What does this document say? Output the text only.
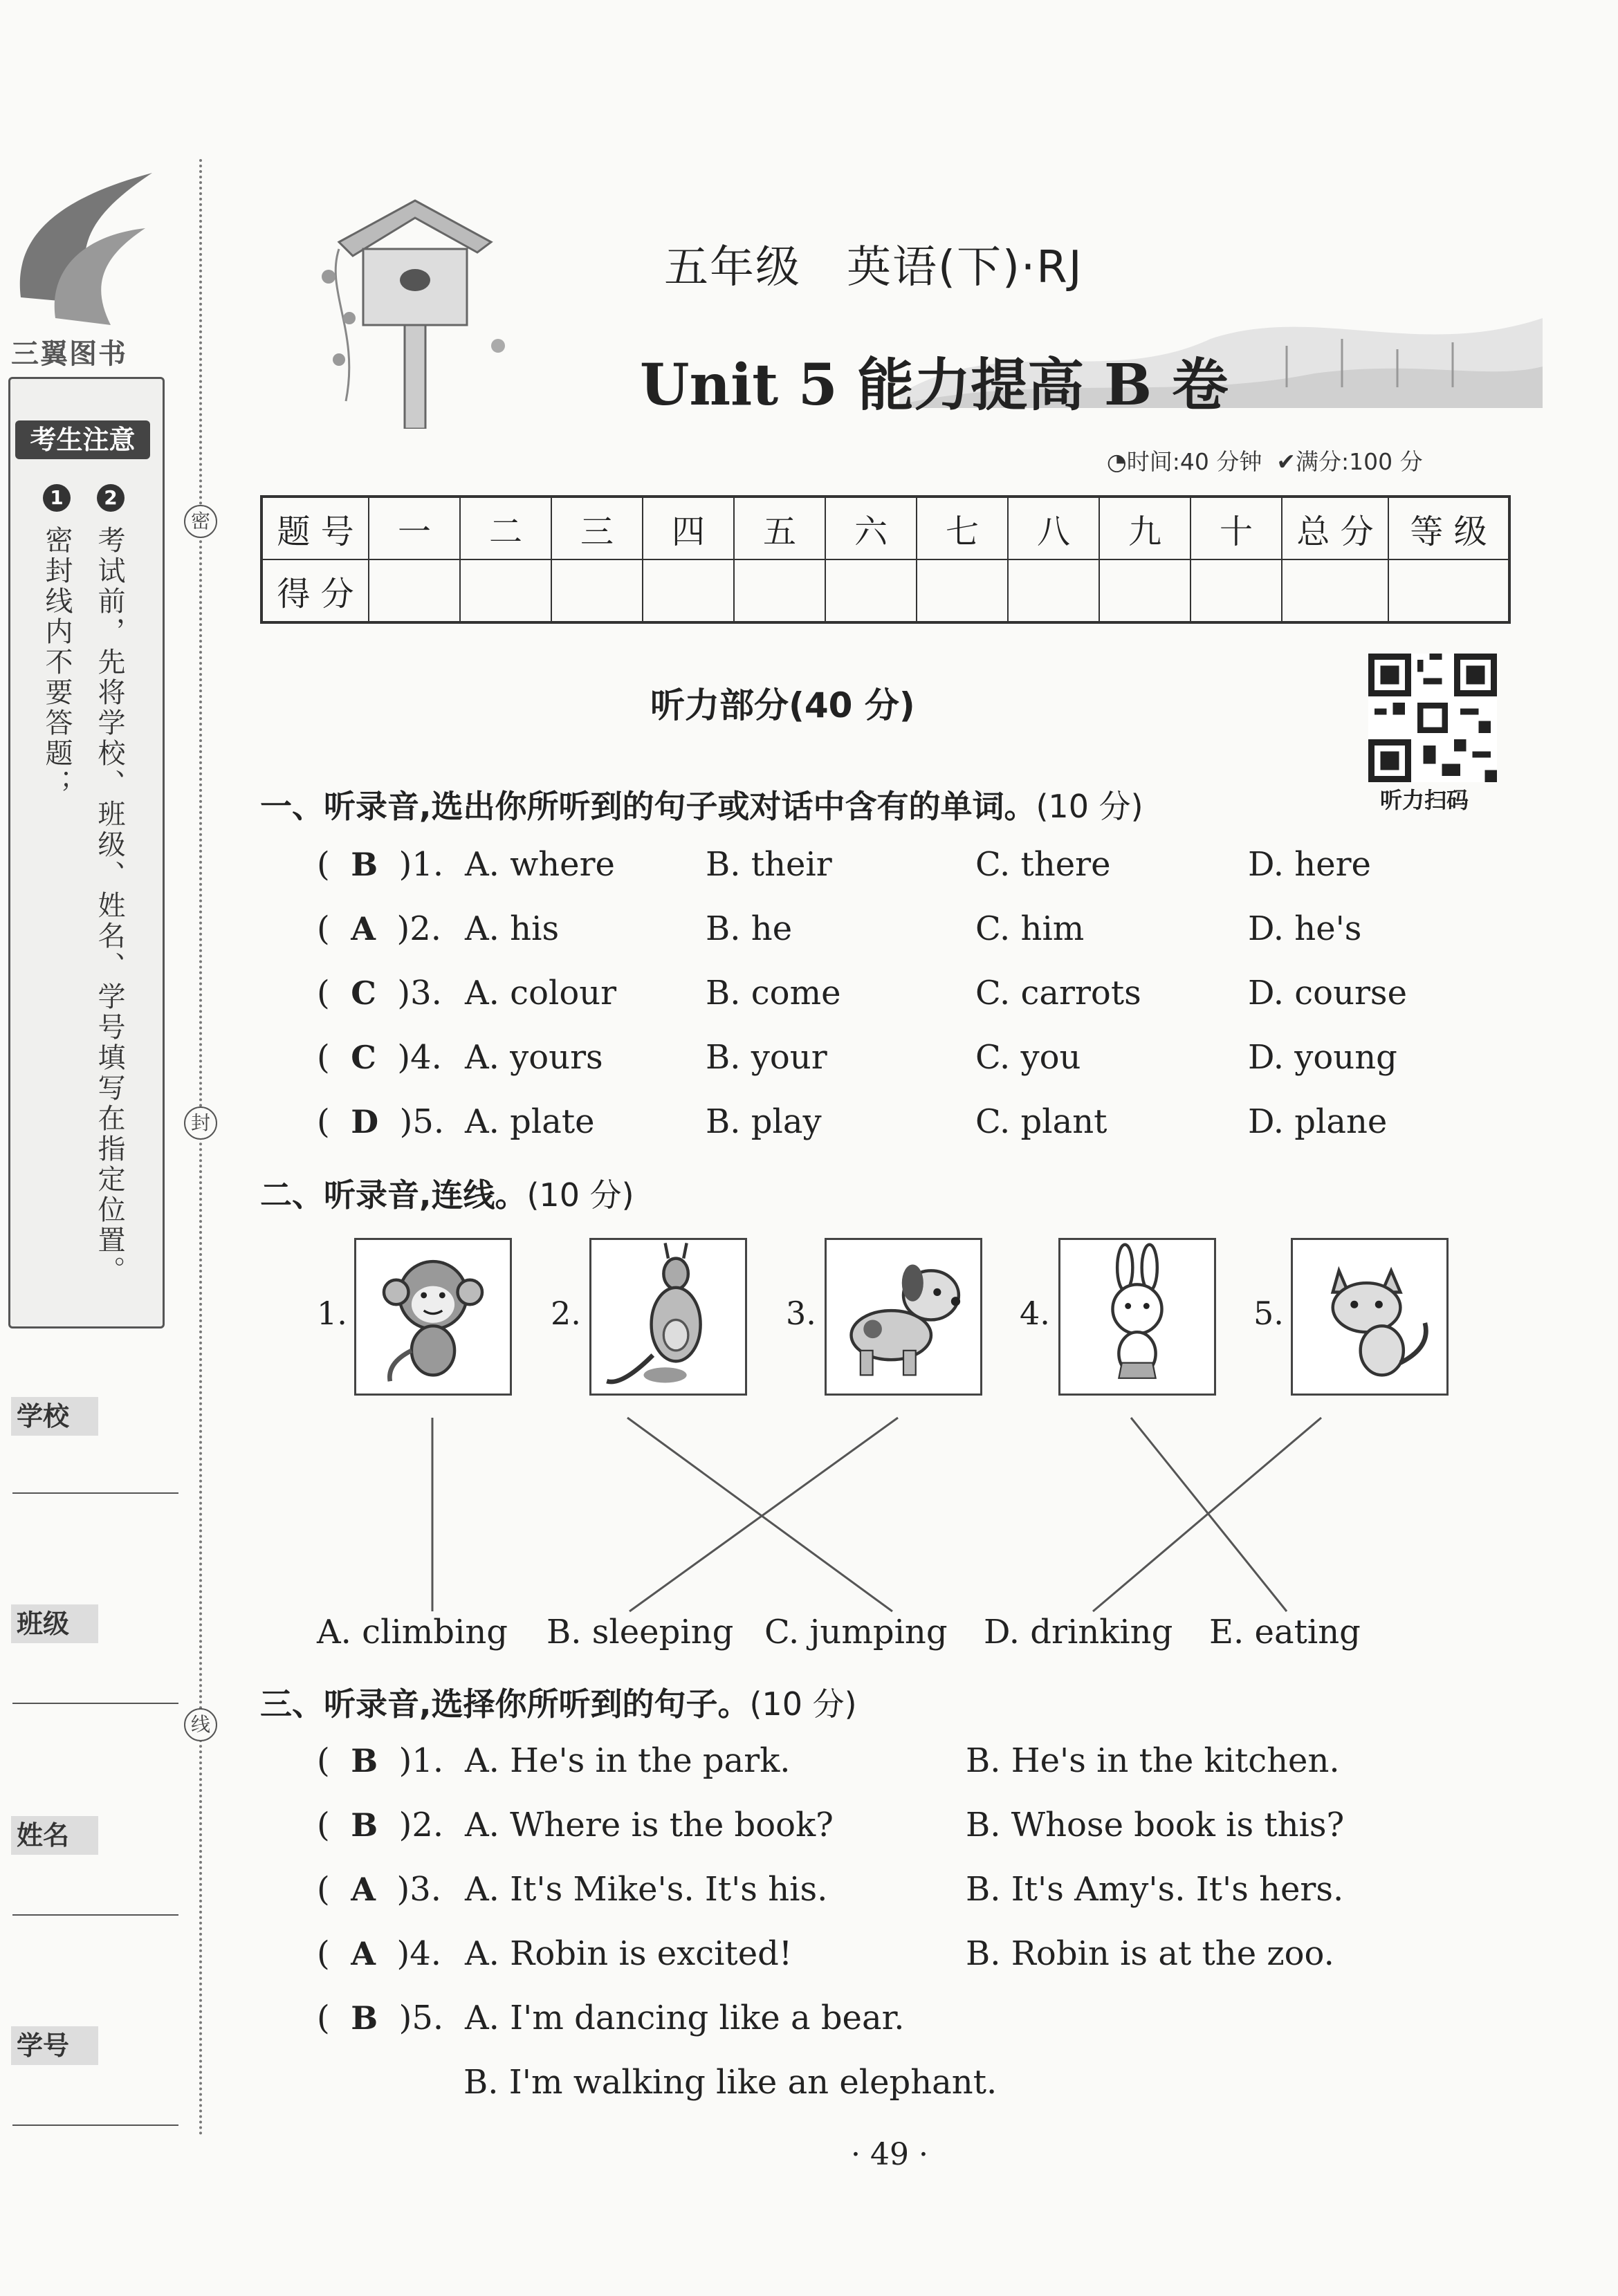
三翼图书
考生注意
1
密封线内不要答题；
2
考试前，先将学校、班级、姓名、学号填写在指定位置。
学校
班级
姓名
学号
密
封
线
五年级　英语(下)·RJ
Unit 5 能力提高 B 卷
◔时间:40 分钟 ✔满分:100 分
题 号	一	二	三	四	五	六	七	八	九	十	总 分	等 级
得 分												
听力部分(40 分)
听力扫码
一、听录音,选出你所听到的句子或对话中含有的单词。(10 分)
(  B  )1. A. where	B. their	C. there	D. here
(  A  )2. A. his	B. he	C. him	D. he's
(  C  )3. A. colour	B. come	C. carrots	D. course
(  C  )4. A. yours	B. your	C. you	D. young
(  D  )5. A. plate	B. play	C. plant	D. plane
二、听录音,连线。(10 分)
1.	2.	3.	4.	5.
A. climbing B. sleeping C. jumping D. drinking E. eating
三、听录音,选择你所听到的句子。(10 分)
(  B  )1. A. He's in the park.	B. He's in the kitchen.
(  B  )2. A. Where is the book?	B. Whose book is this?
(  A  )3. A. It's Mike's. It's his.	B. It's Amy's. It's hers.
(  A  )4. A. Robin is excited!	B. Robin is at the zoo.
(  B  )5. A. I'm dancing like a bear.
B. I'm walking like an elephant.
· 49 ·
